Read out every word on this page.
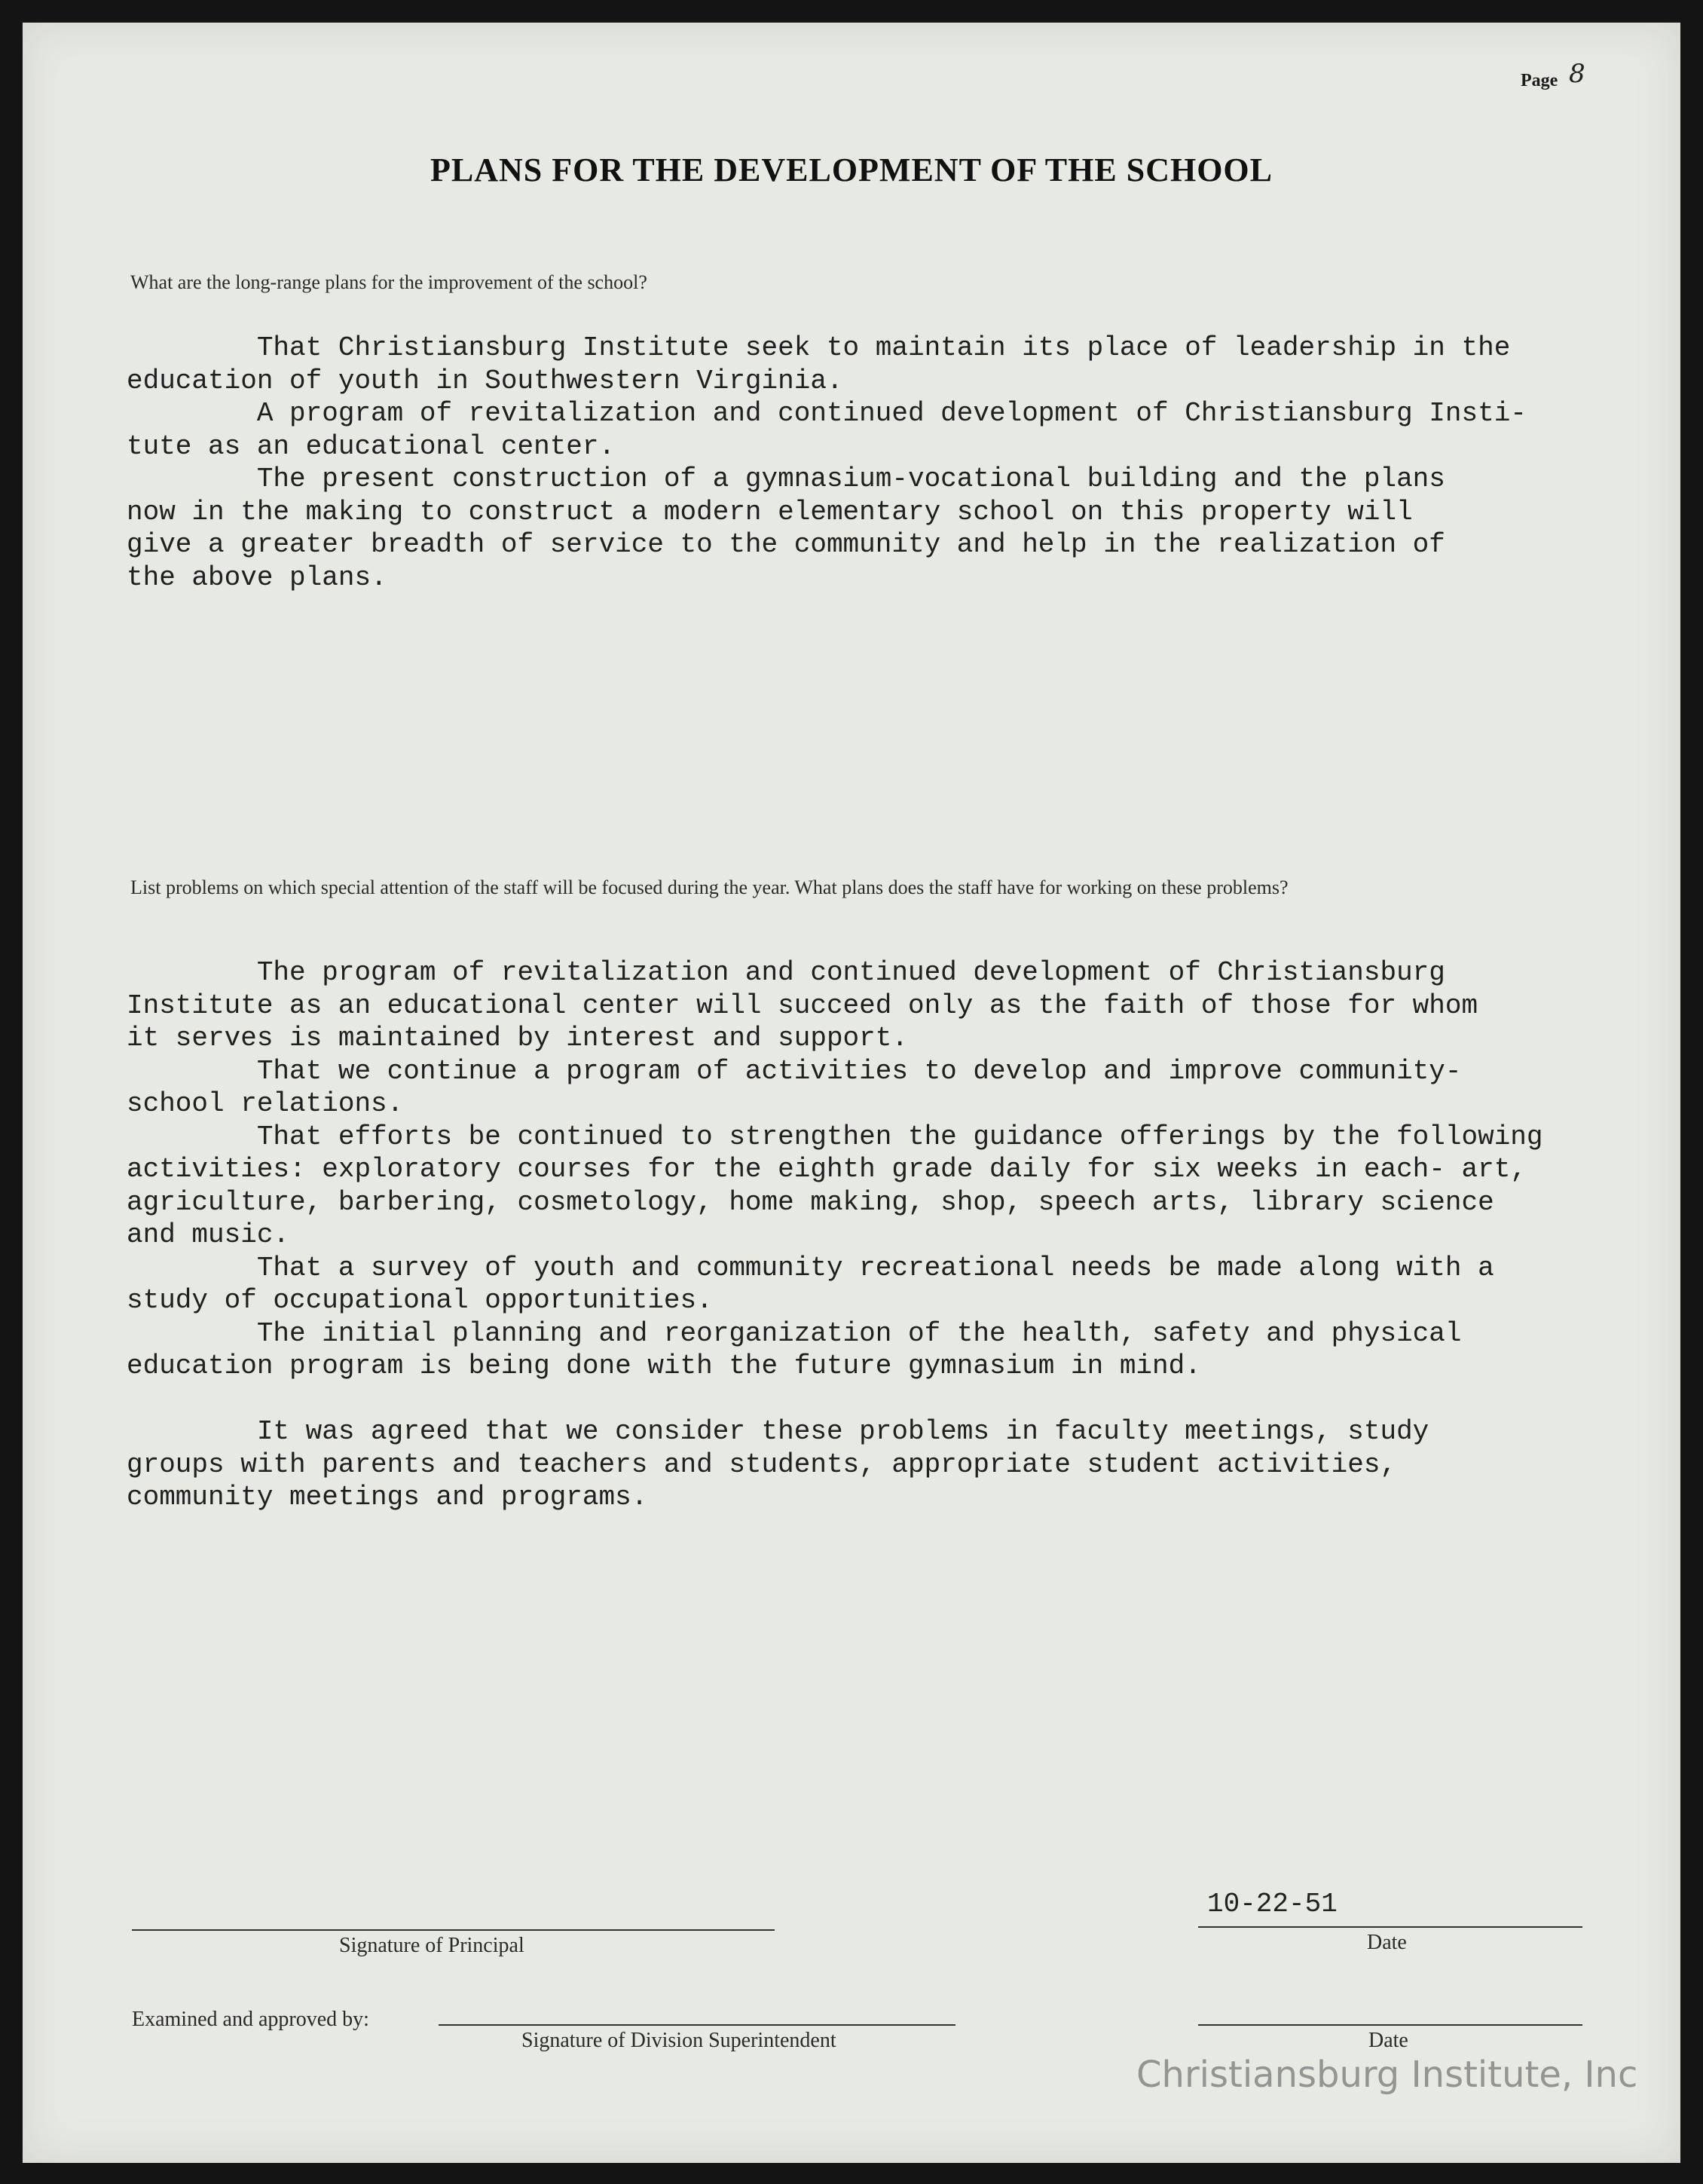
Page 8
PLANS FOR THE DEVELOPMENT OF THE SCHOOL
What are the long-range plans for the improvement of the school?
That Christiansburg Institute seek to maintain its place of leadership in the
education of youth in Southwestern Virginia.
A program of revitalization and continued development of Christiansburg Insti-
tute as an educational center.
The present construction of a gymnasium-vocational building and the plans
now in the making to construct a modern elementary school on this property will
give a greater breadth of service to the community and help in the realization of
the above plans.
List problems on which special attention of the staff will be focused during the year. What plans does the staff have for working on these problems?
The program of revitalization and continued development of Christiansburg
Institute as an educational center will succeed only as the faith of those for whom
it serves is maintained by interest and support.
That we continue a program of activities to develop and improve community-
school relations.
That efforts be continued to strengthen the guidance offerings by the following
activities: exploratory courses for the eighth grade daily for six weeks in each- art,
agriculture, barbering, cosmetology, home making, shop, speech arts, library science
and music.
That a survey of youth and community recreational needs be made along with a
study of occupational opportunities.
The initial planning and reorganization of the health, safety and physical
education program is being done with the future gymnasium in mind.
It was agreed that we consider these problems in faculty meetings, study
groups with parents and teachers and students, appropriate student activities,
community meetings and programs.
Signature of Principal
10-22-51
Date
Examined and approved by:
Signature of Division Superintendent	Date
Christiansburg Institute, Inc
